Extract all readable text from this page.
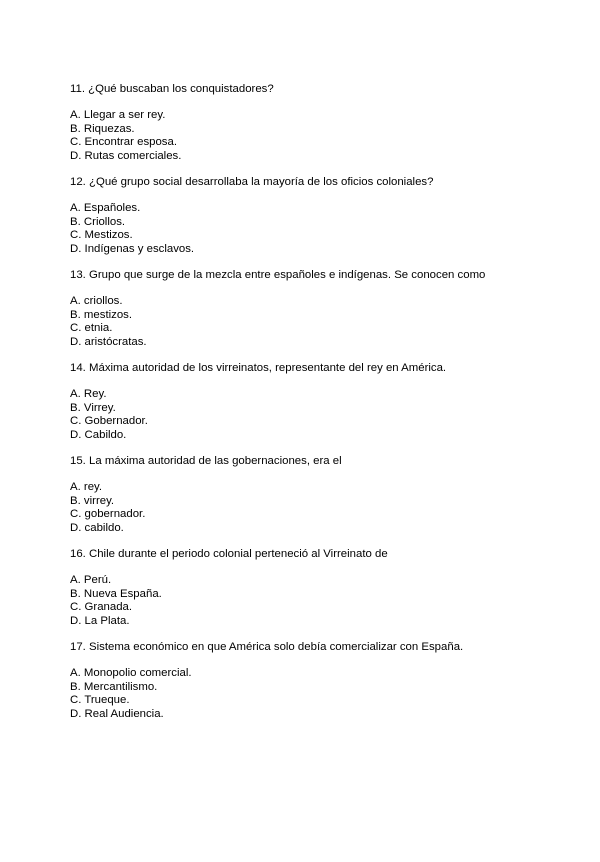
11. ¿Qué buscaban los conquistadores?
A. Llegar a ser rey.
B. Riquezas.
C. Encontrar esposa.
D. Rutas comerciales.
12. ¿Qué grupo social desarrollaba la mayoría de los oficios coloniales?
A. Españoles.
B. Criollos.
C. Mestizos.
D. Indígenas y esclavos.
13. Grupo que surge de la mezcla entre españoles e indígenas. Se conocen como
A. criollos.
B. mestizos.
C. etnia.
D. aristócratas.
14. Máxima autoridad de los virreinatos, representante del rey en América.
A. Rey.
B. Virrey.
C. Gobernador.
D. Cabildo.
15. La máxima autoridad de las gobernaciones, era el
A. rey.
B. virrey.
C. gobernador.
D. cabildo.
16. Chile durante el periodo colonial perteneció al Virreinato de
A. Perú.
B. Nueva España.
C. Granada.
D. La Plata.
17. Sistema económico en que América solo debía comercializar con España.
A. Monopolio comercial.
B. Mercantilismo.
C. Trueque.
D. Real Audiencia.
